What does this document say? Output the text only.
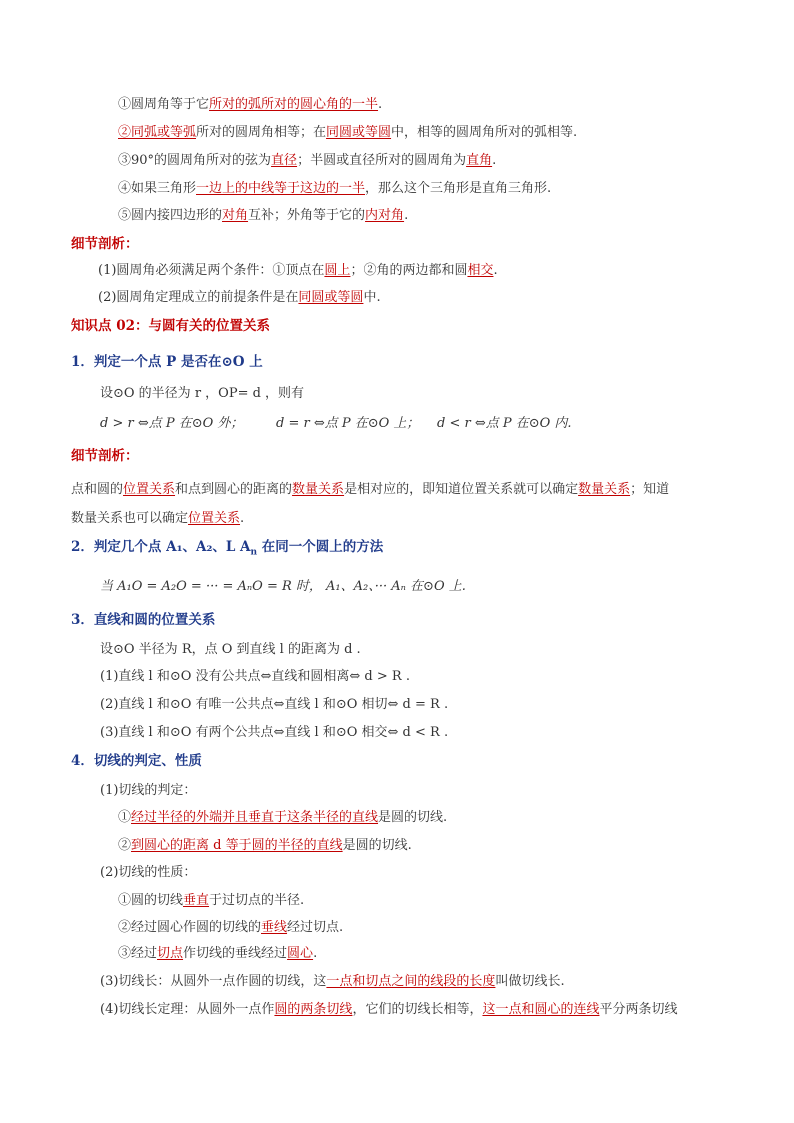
①圆周角等于它所对的弧所对的圆心角的一半.
②同弧或等弧所对的圆周角相等；在同圆或等圆中，相等的圆周角所对的弧相等.
③90°的圆周角所对的弦为直径；半圆或直径所对的圆周角为直角.
④如果三角形一边上的中线等于这边的一半，那么这个三角形是直角三角形.
⑤圆内接四边形的对角互补；外角等于它的内对角.
细节剖析：
(1)圆周角必须满足两个条件：①顶点在圆上；②角的两边都和圆相交.
(2)圆周角定理成立的前提条件是在同圆或等圆中.
知识点 02：与圆有关的位置关系
1．判定一个点 P 是否在⊙O 上
设⊙O 的半径为 r ，OP= d ，则有
d > r ⇔点 P 在⊙O 外；	d = r ⇔点 P 在⊙O 上； d < r ⇔点 P 在⊙O 内.
细节剖析：
点和圆的位置关系和点到圆心的距离的数量关系是相对应的，即知道位置关系就可以确定数量关系；知道
数量关系也可以确定位置关系.
2．判定几个点 A₁、A₂、L $A_n$ 在同一个圆上的方法
当 A₁O = A₂O = ··· = AₙO = R 时， A₁、A₂、··· Aₙ 在⊙O 上.
3．直线和圆的位置关系
设⊙O 半径为 R，点 O 到直线 l 的距离为 d .
(1)直线 l 和⊙O 没有公共点⇔直线和圆相离⇔ d > R .
(2)直线 l 和⊙O 有唯一公共点⇔直线 l 和⊙O 相切⇔ d = R .
(3)直线 l 和⊙O 有两个公共点⇔直线 l 和⊙O 相交⇔ d < R .
4．切线的判定、性质
(1)切线的判定：
①经过半径的外端并且垂直于这条半径的直线是圆的切线.
②到圆心的距离 d 等于圆的半径的直线是圆的切线.
(2)切线的性质：
①圆的切线垂直于过切点的半径.
②经过圆心作圆的切线的垂线经过切点.
③经过切点作切线的垂线经过圆心.
(3)切线长：从圆外一点作圆的切线，这一点和切点之间的线段的长度叫做切线长.
(4)切线长定理：从圆外一点作圆的两条切线，它们的切线长相等，这一点和圆心的连线平分两条切线
